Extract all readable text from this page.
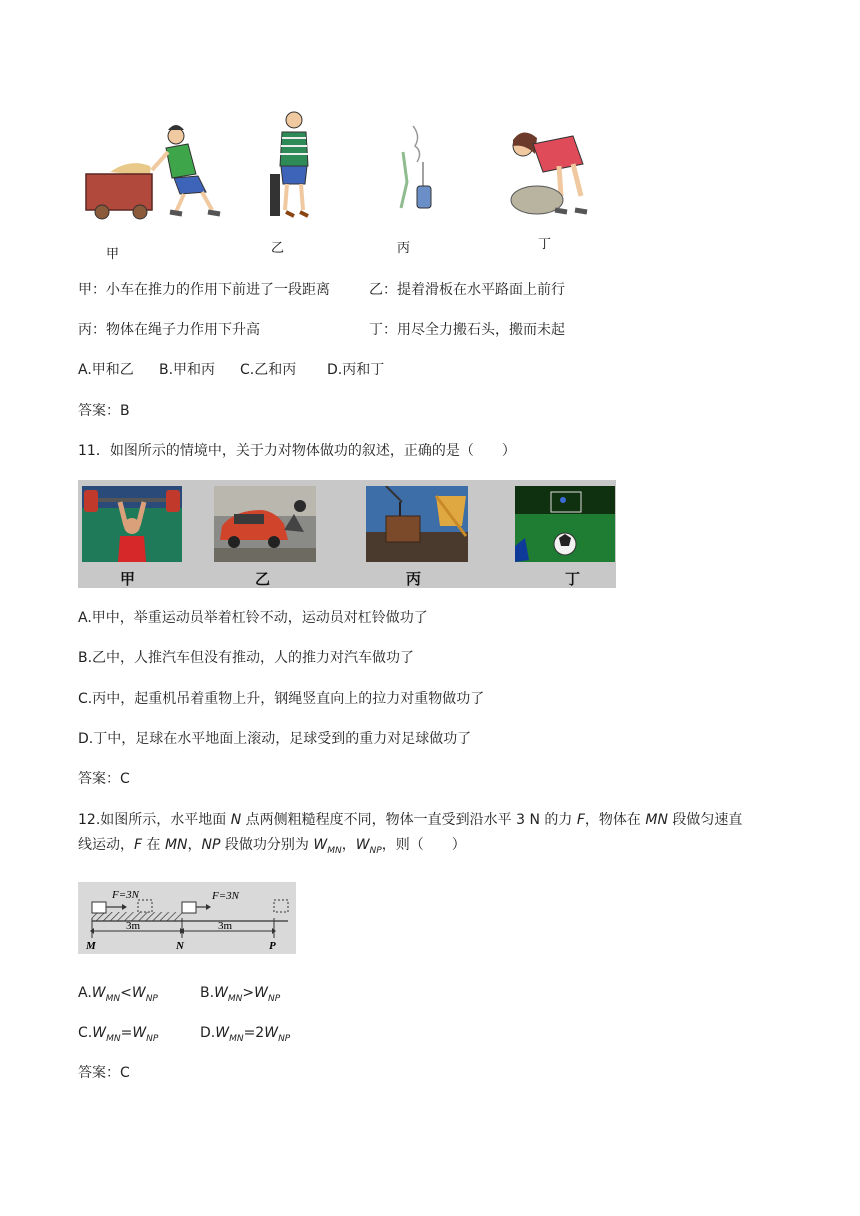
甲	乙	丙	丁
甲：小车在推力的作用下前进了一段距离	乙：提着滑板在水平路面上前行
丙：物体在绳子力作用下升高	丁：用尽全力搬石头，搬而未起
A.甲和乙 B.甲和丙 C.乙和丙 D.丙和丁
答案：B
11．如图所示的情境中，关于力对物体做功的叙述，正确的是（　　）
甲	乙	丙	丁
A.甲中，举重运动员举着杠铃不动，运动员对杠铃做功了
B.乙中，人推汽车但没有推动，人的推力对汽车做功了
C.丙中，起重机吊着重物上升，钢绳竖直向上的拉力对重物做功了
D.丁中，足球在水平地面上滚动，足球受到的重力对足球做功了
答案：C
12.如图所示，水平地面 N 点两侧粗糙程度不同，物体一直受到沿水平 3 N 的力 F，物体在 MN 段做匀速直
线运动，F 在 MN，NP 段做功分别为 $W_{MN}$，$W_{NP}$，则（　　）
F=3N	F=3N
3m	3m
M	N	P
$A.W_{MN}<W_{NP}$	$B.W_{MN}>W_{NP}$
$C.W_{MN}=W_{NP}$	$D.W_{MN}=2W_{NP}$
答案：C
